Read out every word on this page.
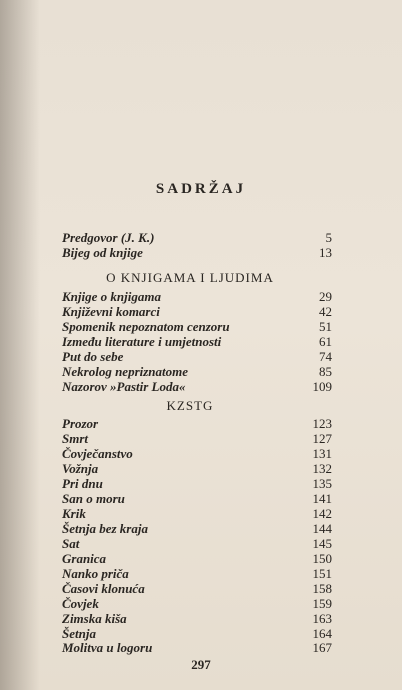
SADRŽAJ
Predgovor (J. K.)	5
Bijeg od knjige	13
O KNJIGAMA I LJUDIMA
Knjige o knjigama	29
Književni komarci	42
Spomenik nepoznatom cenzoru	51
Između literature i umjetnosti	61
Put do sebe	74
Nekrolog nepriznatome	85
Nazorov »Pastir Loda«	109
KZSTG
Prozor	123
Smrt	127
Čovječanstvo	131
Vožnja	132
Pri dnu	135
San o moru	141
Krik	142
Šetnja bez kraja	144
Sat	145
Granica	150
Nanko priča	151
Časovi klonuća	158
Čovjek	159
Zimska kiša	163
Šetnja	164
Molitva u logoru	167
297
